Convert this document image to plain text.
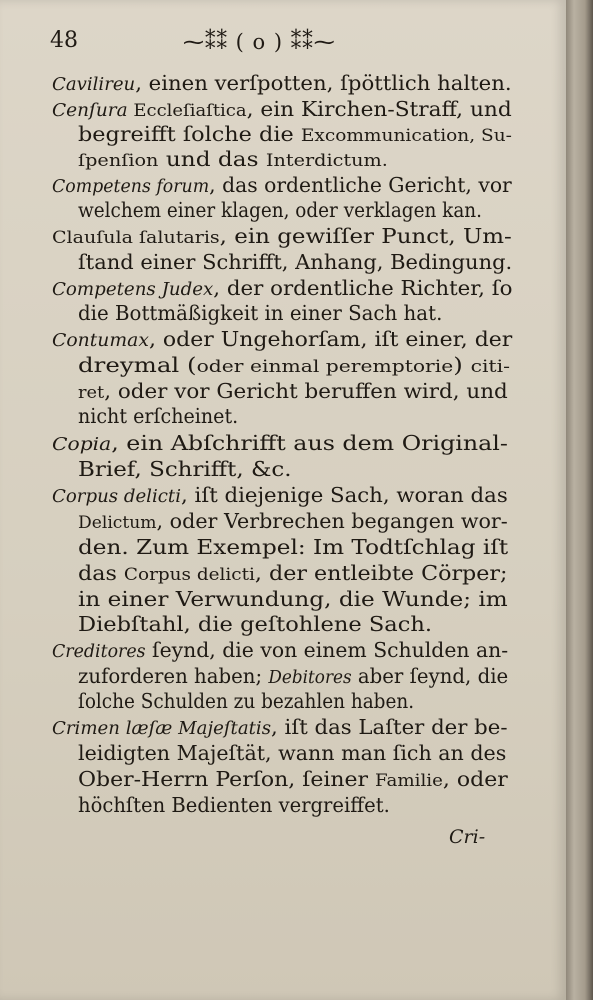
48	⁓⁑⁑ ( o ) ⁑⁑⁓
Cavilireu, einen verſpotten, ſpöttlich halten.
Cenſura Eccleſiaſtica, ein Kirchen-Straff, und
begreifft ſolche die Excommunication, Su-
ſpenſion und das Interdictum.
Competens forum, das ordentliche Gericht, vor
welchem einer klagen, oder verklagen kan.
Clauſula ſalutaris, ein gewiſſer Punct, Um-
ſtand einer Schrifft, Anhang, Bedingung.
Competens Judex, der ordentliche Richter, ſo
die Bottmäßigkeit in einer Sach hat.
Contumax, oder Ungehorſam, iſt einer, der
dreymal (oder einmal peremptorie) citi-
ret, oder vor Gericht beruffen wird, und
nicht erſcheinet.
Copia, ein Abſchrifft aus dem Original-
Brief, Schrifft, &c.
Corpus delicti, iſt diejenige Sach, woran das
Delictum, oder Verbrechen begangen wor-
den. Zum Exempel: Im Todtſchlag iſt
das Corpus delicti, der entleibte Cörper;
in einer Verwundung, die Wunde; im
Diebſtahl, die geſtohlene Sach.
Creditores ſeynd, die von einem Schulden an-
zuforderen haben; Debitores aber ſeynd, die
ſolche Schulden zu bezahlen haben.
Crimen læſæ Majeſtatis, iſt das Laſter der be-
leidigten Majeſtät, wann man ſich an des
Ober-Herrn Perſon, ſeiner Familie, oder
höchſten Bedienten vergreiffet.
Cri-
